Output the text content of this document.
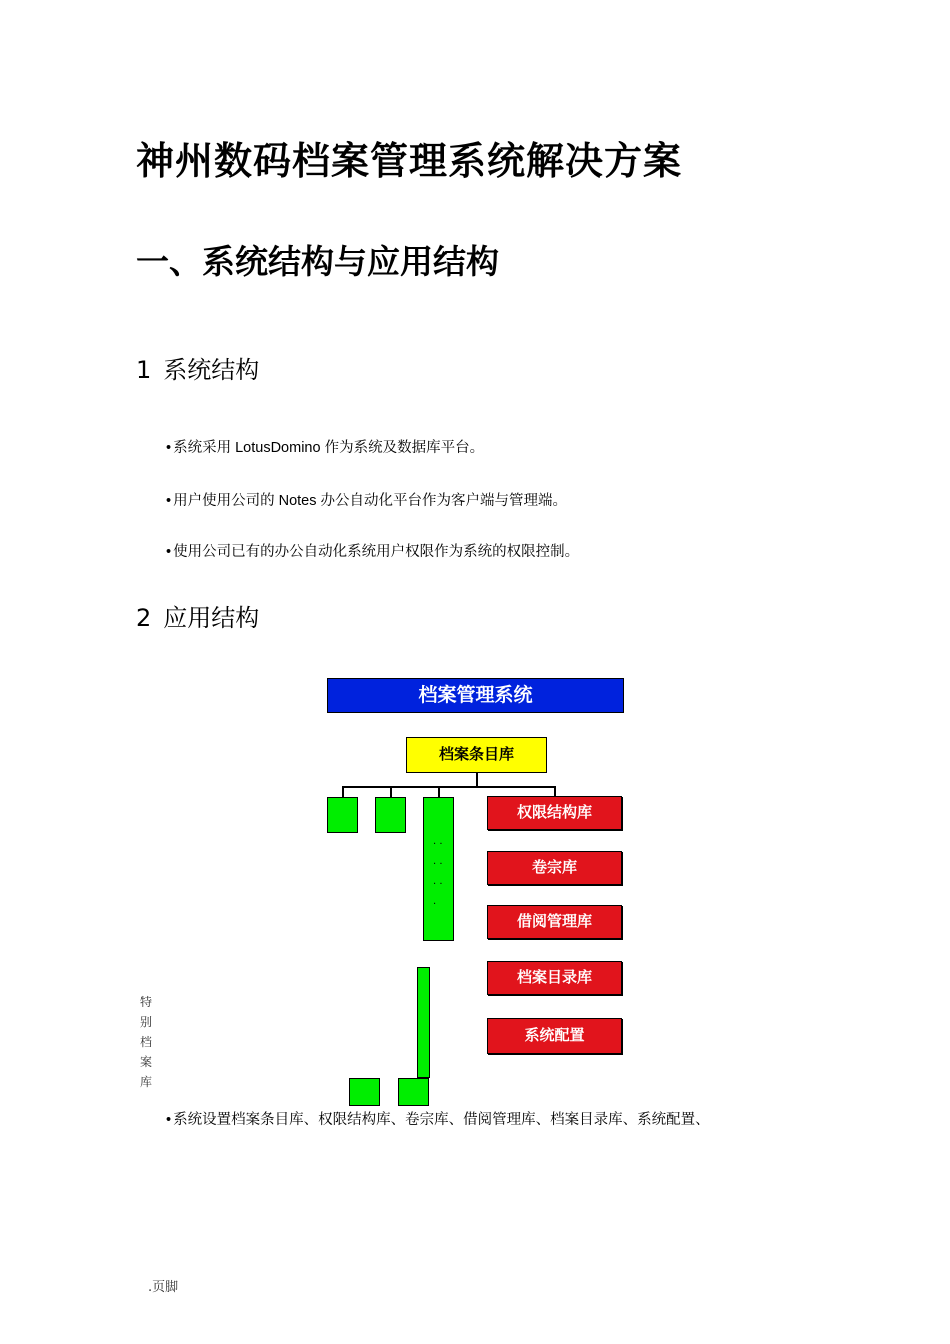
神州数码档案管理系统解决方案
一、系统结构与应用结构
1 系统结构
• 系统采用 LotusDomino 作为系统及数据库平台。
• 用户使用公司的 Notes 办公自动化平台作为客户端与管理端。
• 使用公司已有的办公自动化系统用户权限作为系统的权限控制。
2 应用结构
档案管理系统
档案条目库
· ·

· ·

· ·

·
权限结构库
卷宗库
借阅管理库
档案目录库
系统配置
特别档案库
• 系统设置档案条目库、权限结构库、卷宗库、借阅管理库、档案目录库、系统配置、
.页脚
